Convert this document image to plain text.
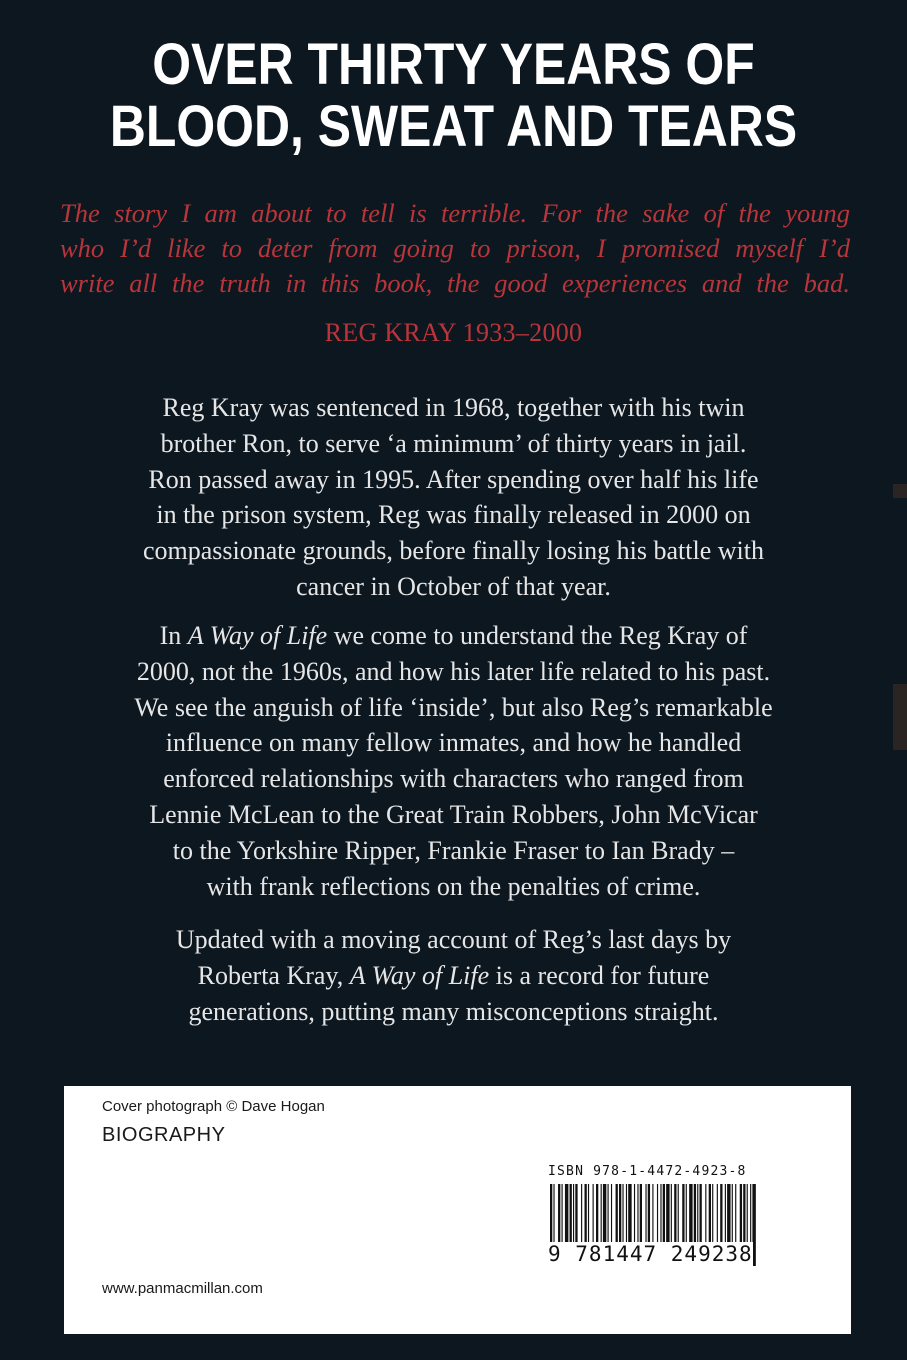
OVER THIRTY YEARS OF
BLOOD, SWEAT AND TEARS
The story I am about to tell is terrible. For the sake of the young
who I’d like to deter from going to prison, I promised myself I’d
write all the truth in this book, the good experiences and the bad.
REG KRAY 1933–2000
Reg Kray was sentenced in 1968, together with his twin
brother Ron, to serve ‘a minimum’ of thirty years in jail.
Ron passed away in 1995. After spending over half his life
in the prison system, Reg was finally released in 2000 on
compassionate grounds, before finally losing his battle with
cancer in October of that year.
In A Way of Life we come to understand the Reg Kray of
2000, not the 1960s, and how his later life related to his past.
We see the anguish of life ‘inside’, but also Reg’s remarkable
influence on many fellow inmates, and how he handled
enforced relationships with characters who ranged from
Lennie McLean to the Great Train Robbers, John McVicar
to the Yorkshire Ripper, Frankie Fraser to Ian Brady –
with frank reflections on the penalties of crime.
Updated with a moving account of Reg’s last days by
Roberta Kray, A Way of Life is a record for future
generations, putting many misconceptions straight.
Cover photograph © Dave Hogan
BIOGRAPHY
ISBN 978-1-4472-4923-8
9 781447 249238
www.panmacmillan.com
